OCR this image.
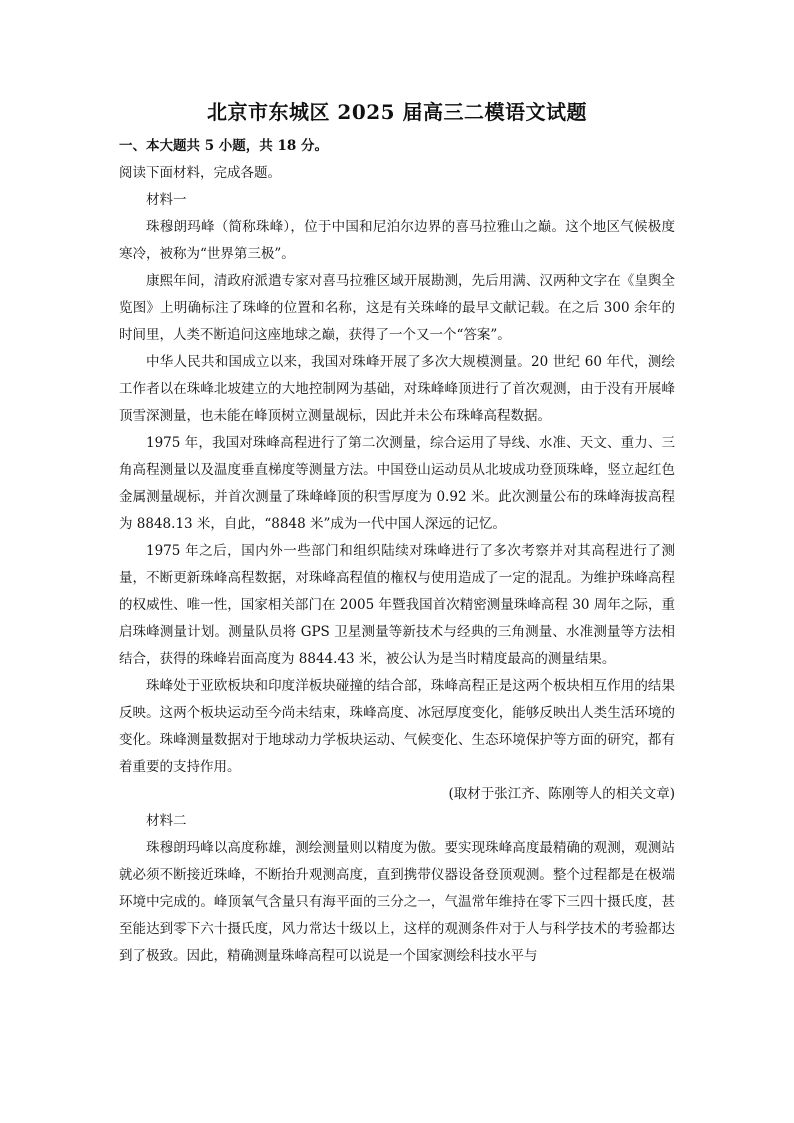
北京市东城区 2025 届高三二模语文试题

一、本大题共 5 小题，共 18 分。

阅读下面材料，完成各题。

材料一

珠穆朗玛峰（简称珠峰），位于中国和尼泊尔边界的喜马拉雅山之巅。这个地区气候极度寒冷，被称为“世界第三极”。

康熙年间，清政府派遣专家对喜马拉雅区域开展勘测，先后用满、汉两种文字在《皇舆全览图》上明确标注了珠峰的位置和名称，这是有关珠峰的最早文献记载。在之后 300 余年的时间里，人类不断追问这座地球之巅，获得了一个又一个“答案”。

中华人民共和国成立以来，我国对珠峰开展了多次大规模测量。20 世纪 60 年代，测绘工作者以在珠峰北坡建立的大地控制网为基础，对珠峰峰顶进行了首次观测，由于没有开展峰顶雪深测量，也未能在峰顶树立测量觇标，因此并未公布珠峰高程数据。

1975 年，我国对珠峰高程进行了第二次测量，综合运用了导线、水准、天文、重力、三角高程测量以及温度垂直梯度等测量方法。中国登山运动员从北坡成功登顶珠峰，竖立起红色金属测量觇标，并首次测量了珠峰峰顶的积雪厚度为 0.92 米。此次测量公布的珠峰海拔高程为 8848.13 米，自此，“8848 米”成为一代中国人深远的记忆。

1975 年之后，国内外一些部门和组织陆续对珠峰进行了多次考察并对其高程进行了测量，不断更新珠峰高程数据，对珠峰高程值的権权与使用造成了一定的混乱。为维护珠峰高程的权威性、唯一性，国家相关部门在 2005 年暨我国首次精密测量珠峰高程 30 周年之际，重启珠峰测量计划。测量队员将 GPS 卫星测量等新技术与经典的三角测量、水准测量等方法相结合，获得的珠峰岩面高度为 8844.43 米，被公认为是当时精度最高的测量结果。

珠峰处于亚欧板块和印度洋板块碰撞的结合部，珠峰高程正是这两个板块相互作用的结果反映。这两个板块运动至今尚未结束，珠峰高度、冰冠厚度变化，能够反映出人类生活环境的变化。珠峰测量数据对于地球动力学板块运动、气候变化、生态环境保护等方面的研究，都有着重要的支持作用。

(取材于张江齐、陈刚等人的相关文章)

材料二

珠穆朗玛峰以高度称雄，测绘测量则以精度为傲。要实现珠峰高度最精确的观测，观测站就必须不断接近珠峰，不断抬升观测高度，直到携带仪器设备登顶观测。整个过程都是在极端环境中完成的。峰顶氧气含量只有海平面的三分之一，气温常年维持在零下三四十摄氏度，甚至能达到零下六十摄氏度，风力常达十级以上，这样的观测条件对于人与科学技术的考验都达到了极致。因此，精确测量珠峰高程可以说是一个国家测绘科技水平与
